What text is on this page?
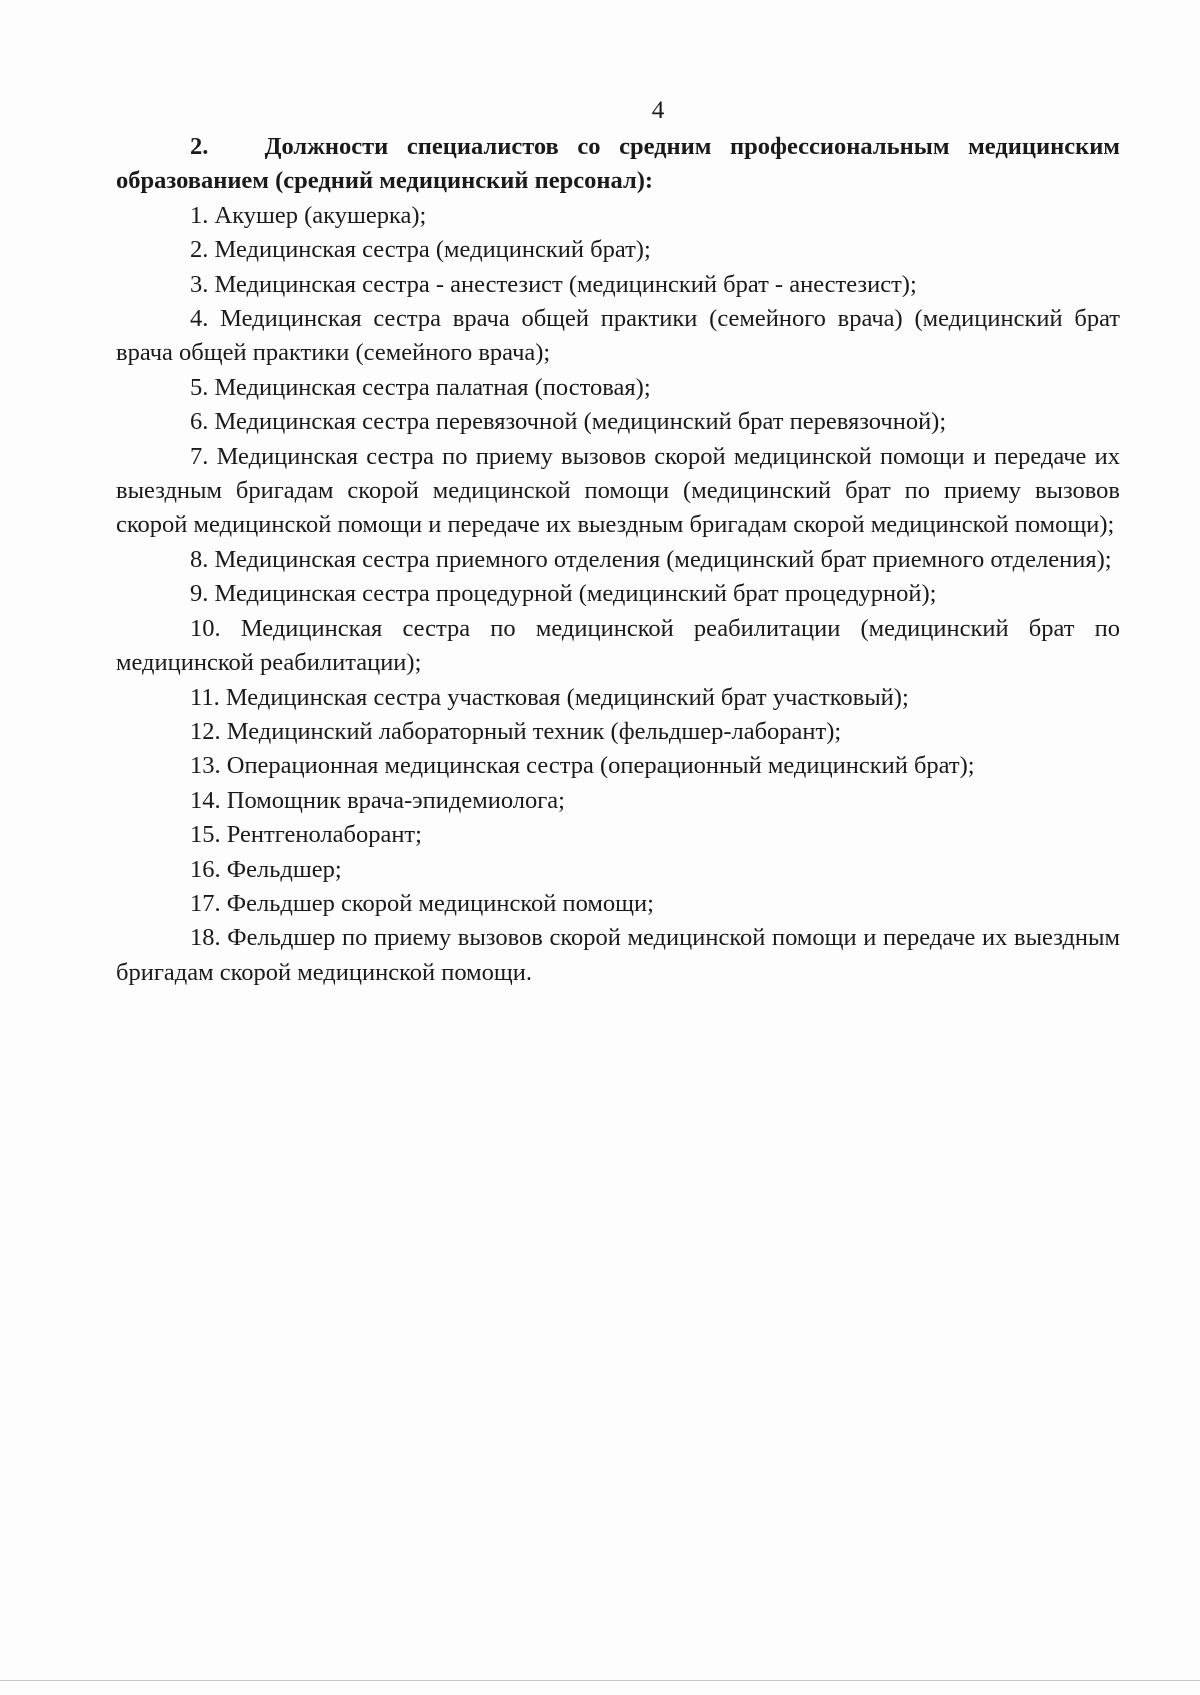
4

2. Должности специалистов со средним профессиональным медицинским образованием (средний медицинский персонал):

1. Акушер (акушерка);

2. Медицинская сестра (медицинский брат);

3. Медицинская сестра - анестезист (медицинский брат - анестезист);

4. Медицинская сестра врача общей практики (семейного врача) (медицинский брат врача общей практики (семейного врача);

5. Медицинская сестра палатная (постовая);

6. Медицинская сестра перевязочной (медицинский брат перевязочной);

7. Медицинская сестра по приему вызовов скорой медицинской помощи и передаче их выездным бригадам скорой медицинской помощи (медицинский брат по приему вызовов скорой медицинской помощи и передаче их выездным бригадам скорой медицинской помощи);

8. Медицинская сестра приемного отделения (медицинский брат приемного отделения);

9. Медицинская сестра процедурной (медицинский брат процедурной);

10. Медицинская сестра по медицинской реабилитации (медицинский брат по медицинской реабилитации);

11. Медицинская сестра участковая (медицинский брат участковый);

12. Медицинский лабораторный техник (фельдшер-лаборант);

13. Операционная медицинская сестра (операционный медицинский брат);

14. Помощник врача-эпидемиолога;

15. Рентгенолаборант;

16. Фельдшер;

17. Фельдшер скорой медицинской помощи;

18. Фельдшер по приему вызовов скорой медицинской помощи и передаче их выездным бригадам скорой медицинской помощи.
